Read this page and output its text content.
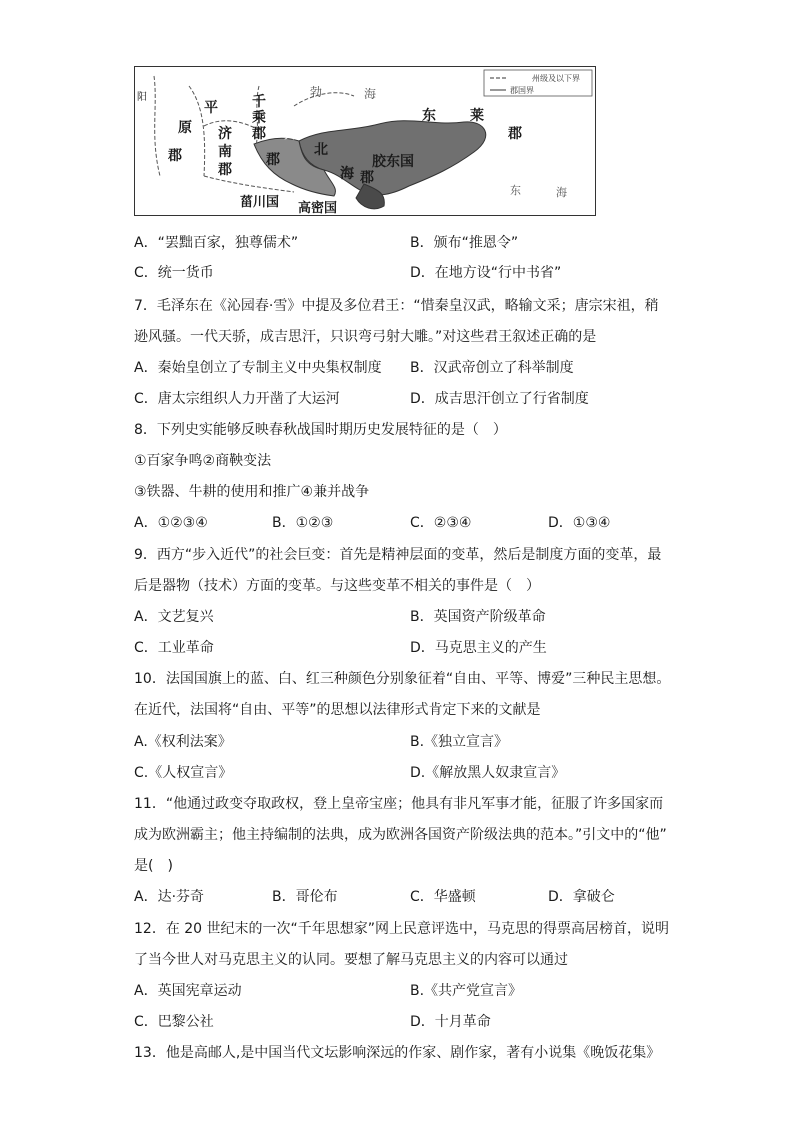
州级及以下界
郡国界
阳
平
原
郡
千
乘
郡
济
南
郡
齐
郡
北
海 郡
胶东国
东 莱
郡
菑川国 高密国
勃	海
东	海
A．“罢黜百家，独尊儒术”	B．颁布“推恩令”
C．统一货币	D．在地方设“行中书省”
7．毛泽东在《沁园春·雪》中提及多位君王：“惜秦皇汉武，略输文采；唐宗宋祖，稍
逊风骚。一代天骄，成吉思汗，只识弯弓射大雕。”对这些君王叙述正确的是
A．秦始皇创立了专制主义中央集权制度 B．汉武帝创立了科举制度
C．唐太宗组织人力开凿了大运河	D．成吉思汗创立了行省制度
8．下列史实能够反映春秋战国时期历史发展特征的是（　）
①百家争鸣②商鞅变法
③铁器、牛耕的使用和推广④兼并战争
A．①②③④	B．①②③	C．②③④	D．①③④
9．西方“步入近代”的社会巨变：首先是精神层面的变革，然后是制度方面的变革，最
后是器物（技术）方面的变革。与这些变革不相关的事件是（　）
A．文艺复兴	B．英国资产阶级革命
C．工业革命	D．马克思主义的产生
10．法国国旗上的蓝、白、红三种颜色分别象征着“自由、平等、博爱”三种民主思想。
在近代，法国将“自由、平等”的思想以法律形式肯定下来的文献是
A.《权利法案》	B.《独立宣言》
C.《人权宣言》	D.《解放黑人奴隶宣言》
11．“他通过政变夺取政权，登上皇帝宝座；他具有非凡军事才能，征服了许多国家而
成为欧洲霸主；他主持编制的法典，成为欧洲各国资产阶级法典的范本。”引文中的“他”
是(　)
A．达·芬奇	B．哥伦布	C．华盛顿	D．拿破仑
12．在 20 世纪末的一次“千年思想家”网上民意评选中，马克思的得票高居榜首，说明
了当今世人对马克思主义的认同。要想了解马克思主义的内容可以通过
A．英国宪章运动	B.《共产党宣言》
C．巴黎公社	D．十月革命
13．他是高邮人,是中国当代文坛影响深远的作家、剧作家，著有小说集《晚饭花集》
